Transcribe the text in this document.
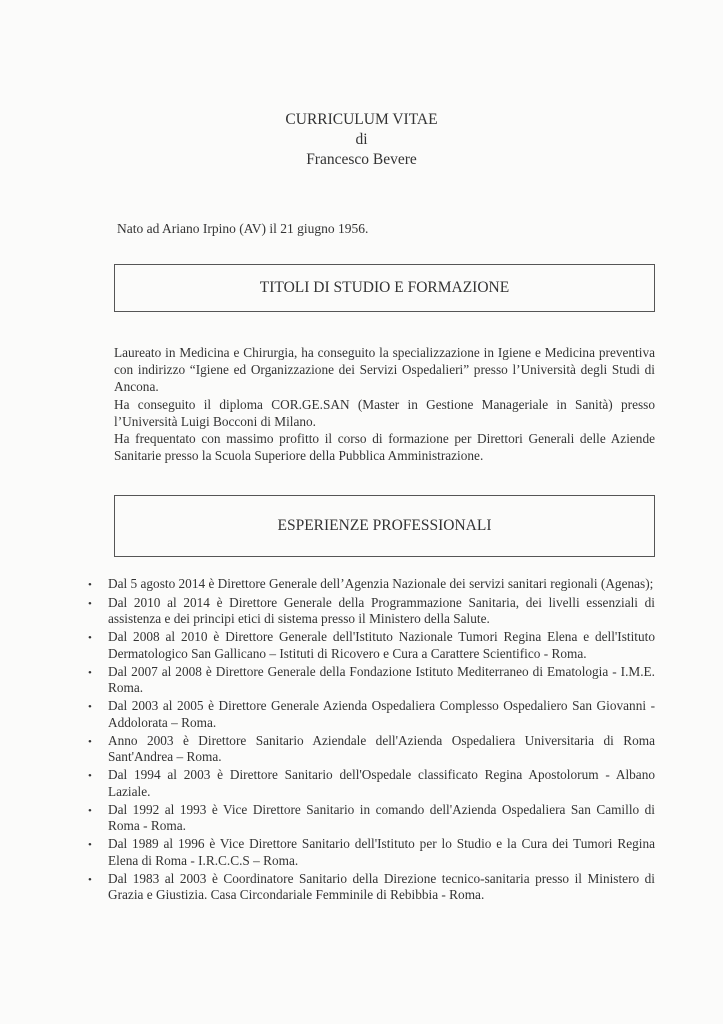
CURRICULUM VITAE
di
Francesco Bevere
Nato ad Ariano Irpino (AV) il 21 giugno 1956.
TITOLI DI STUDIO E FORMAZIONE

Laureato in Medicina e Chirurgia, ha conseguito la specializzazione in Igiene e Medicina preventiva con indirizzo “Igiene ed Organizzazione dei Servizi Ospedalieri” presso l’Università degli Studi di Ancona.

Ha conseguito il diploma COR.GE.SAN (Master in Gestione Manageriale in Sanità) presso l’Università Luigi Bocconi di Milano.

Ha frequentato con massimo profitto il corso di formazione per Direttori Generali delle Aziende Sanitarie presso la Scuola Superiore della Pubblica Amministrazione.

ESPERIENZE PROFESSIONALI
•	Dal 5 agosto 2014 è Direttore Generale dell’Agenzia Nazionale dei servizi sanitari regionali (Agenas);
•	Dal 2010 al 2014 è Direttore Generale della Programmazione Sanitaria, dei livelli essenziali di assistenza e dei principi etici di sistema presso il Ministero della Salute.
•	Dal 2008 al 2010 è Direttore Generale dell'Istituto Nazionale Tumori Regina Elena e dell'Istituto Dermatologico San Gallicano – Istituti di Ricovero e Cura a Carattere Scientifico - Roma.
•	Dal 2007 al 2008 è Direttore Generale della Fondazione Istituto Mediterraneo di Ematologia - I.M.E. Roma.
•	Dal 2003 al 2005 è Direttore Generale Azienda Ospedaliera Complesso Ospedaliero San Giovanni - Addolorata – Roma.
•	Anno 2003 è Direttore Sanitario Aziendale dell'Azienda Ospedaliera Universitaria di Roma Sant'Andrea – Roma.
•	Dal 1994 al 2003 è Direttore Sanitario dell'Ospedale classificato Regina Apostolorum - Albano Laziale.
•	Dal 1992 al 1993 è Vice Direttore Sanitario in comando dell'Azienda Ospedaliera San Camillo di Roma - Roma.
•	Dal 1989 al 1996 è Vice Direttore Sanitario dell'Istituto per lo Studio e la Cura dei Tumori Regina Elena di Roma - I.R.C.C.S – Roma.
•	Dal 1983 al 2003 è Coordinatore Sanitario della Direzione tecnico-sanitaria presso il Ministero di Grazia e Giustizia. Casa Circondariale Femminile di Rebibbia - Roma.
